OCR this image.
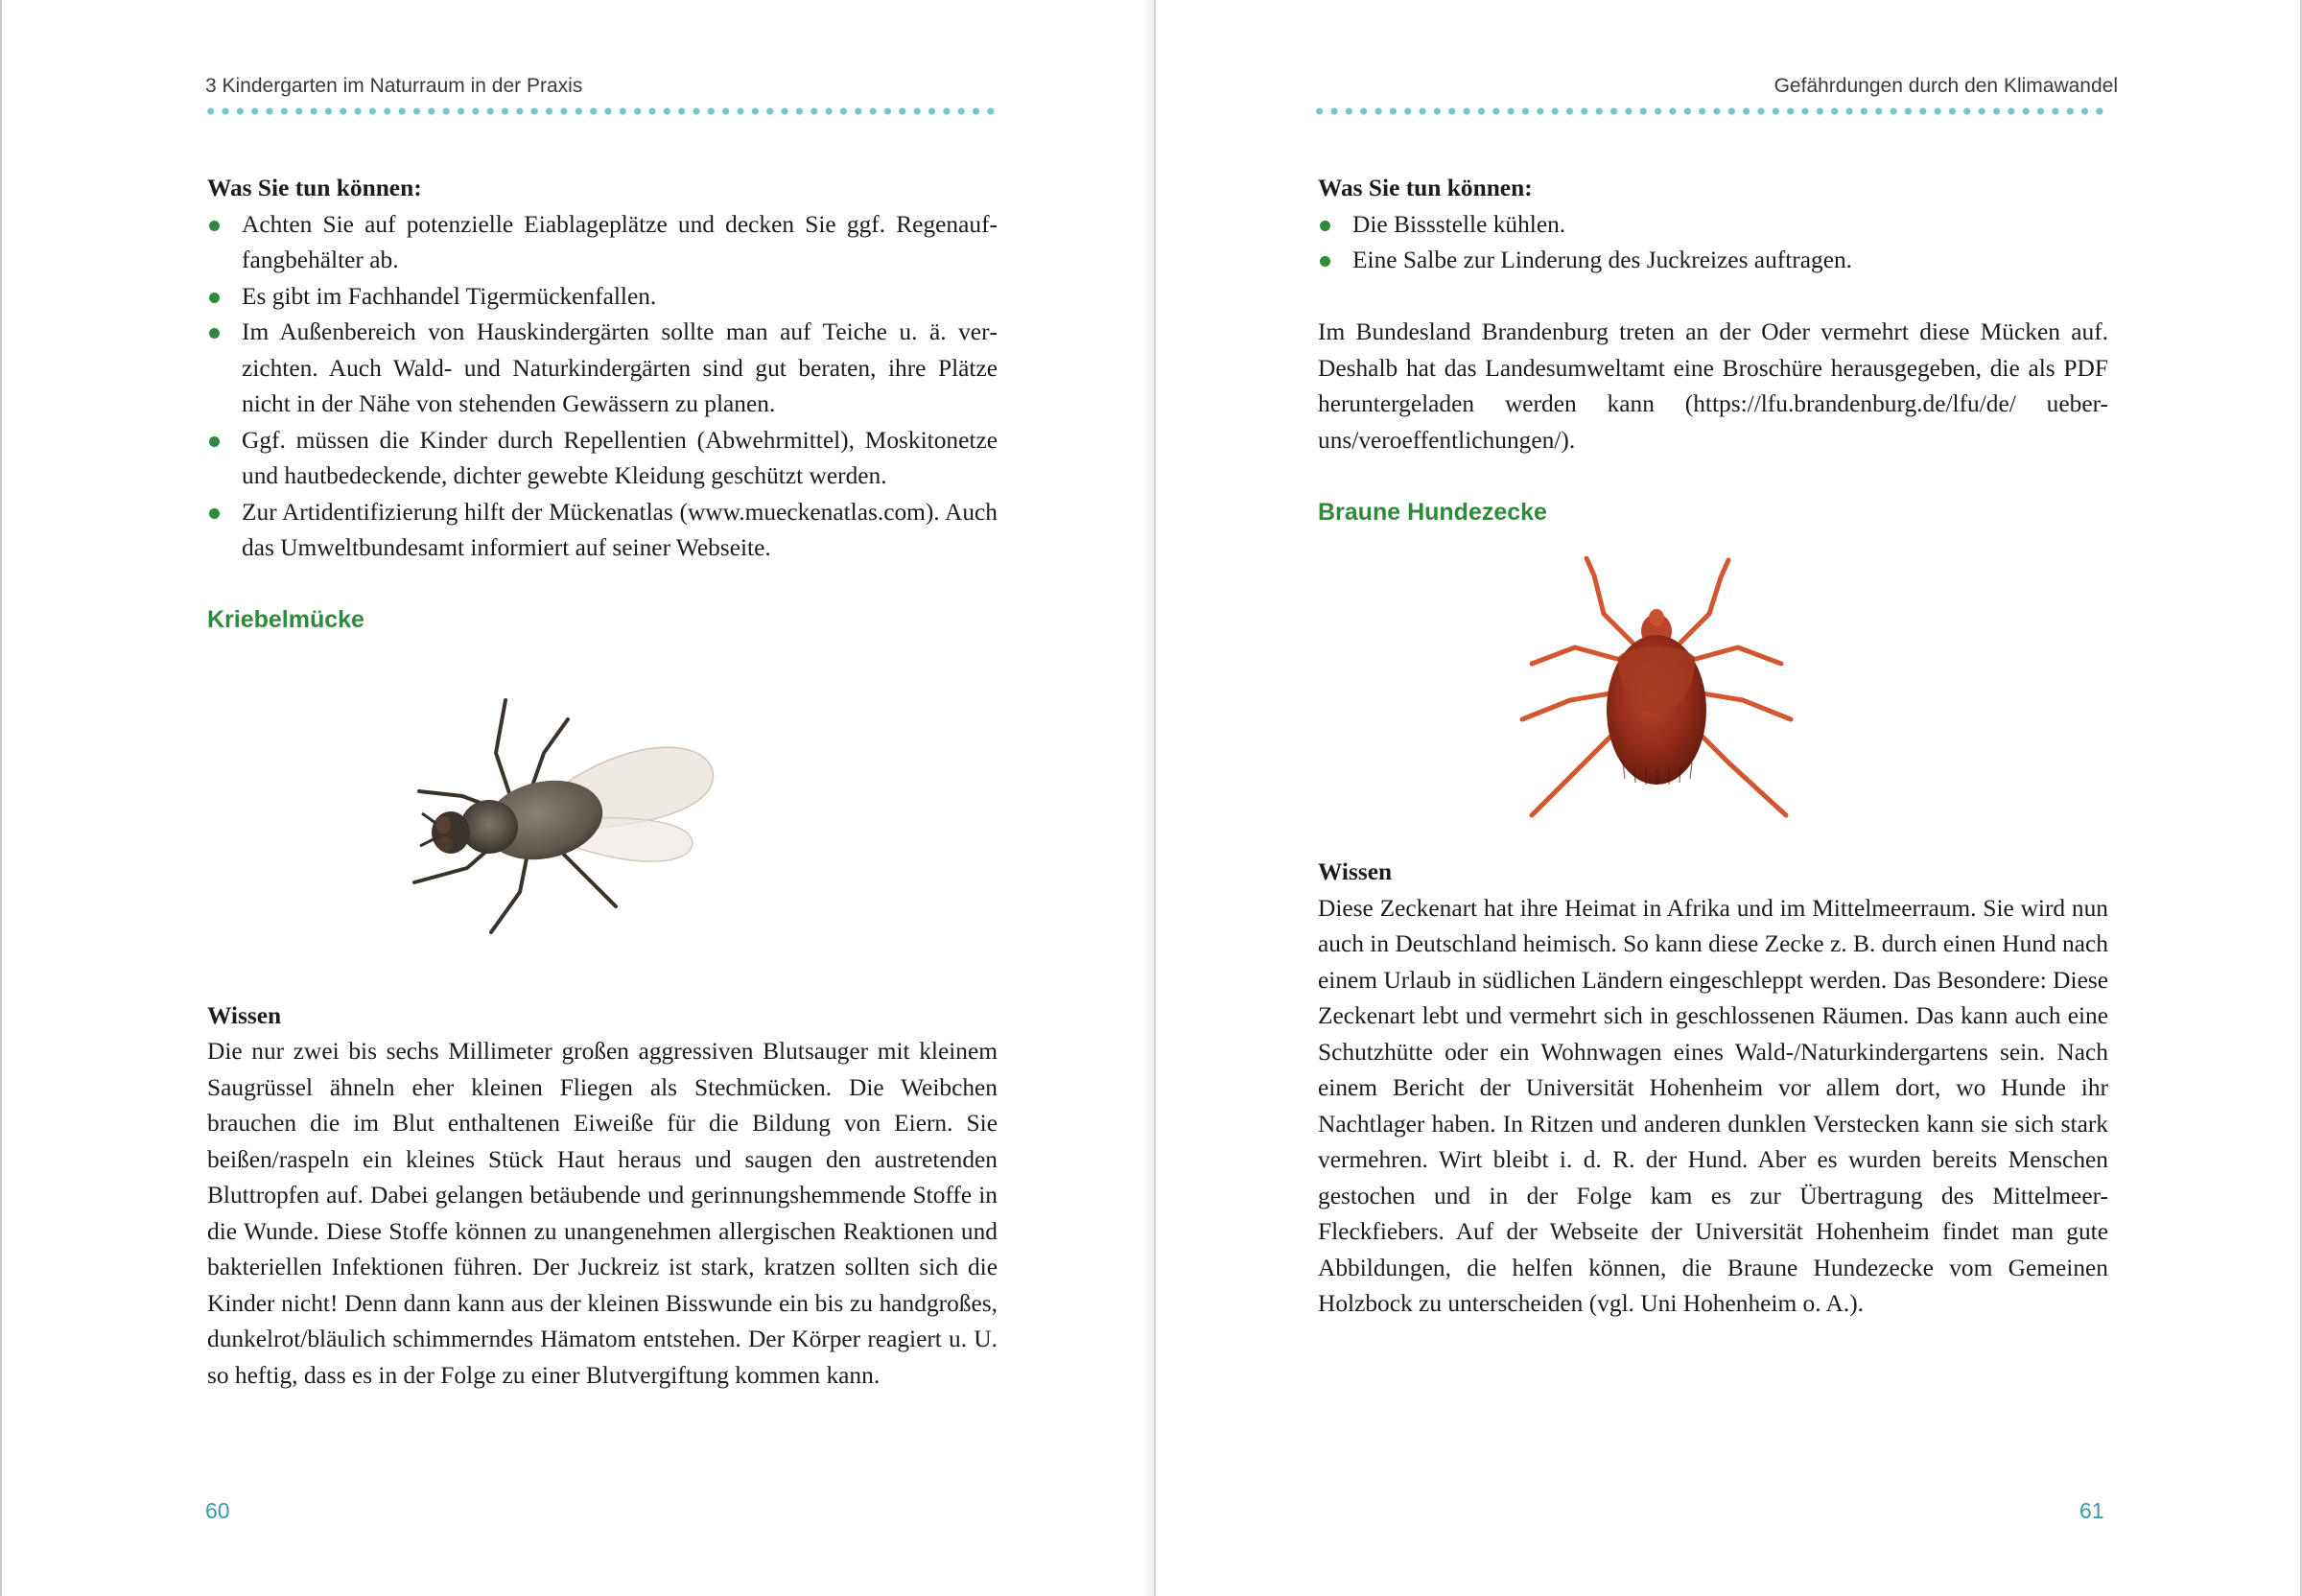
3 Kindergarten im Naturraum in der Praxis

Was Sie tun können:

Achten Sie auf potenzielle Eiablageplätze und decken Sie ggf. Regenauffangbehälter ab.
Es gibt im Fachhandel Tigermückenfallen.
Im Außenbereich von Hauskindergärten sollte man auf Teiche u. ä. verzichten. Auch Wald- und Naturkindergärten sind gut beraten, ihre Plätze nicht in der Nähe von stehenden Gewässern zu planen.
Ggf. müssen die Kinder durch Repellentien (Abwehrmittel), Moskitonetze und hautbedeckende, dichter gewebte Kleidung geschützt werden.
Zur Artidentifizierung hilft der Mückenatlas (www.mueckenatlas.com). Auch das Umweltbundesamt informiert auf seiner Webseite.

Kriebelmücke

Wissen

Die nur zwei bis sechs Millimeter großen aggressiven Blutsauger mit kleinem Saugrüssel ähneln eher kleinen Fliegen als Stechmücken. Die Weibchen brauchen die im Blut enthaltenen Eiweiße für die Bildung von Eiern. Sie beißen/raspeln ein kleines Stück Haut heraus und saugen den austretenden Bluttropfen auf. Dabei gelangen betäubende und gerinnungshemmende Stoffe in die Wunde. Diese Stoffe können zu unangenehmen allergischen Reaktionen und bakteriellen Infektionen führen. Der Juckreiz ist stark, kratzen sollten sich die Kinder nicht! Denn dann kann aus der kleinen Bisswunde ein bis zu handgroßes, dunkelrot/bläulich schimmerndes Hämatom entstehen. Der Körper reagiert u. U. so heftig, dass es in der Folge zu einer Blutvergiftung kommen kann.

60
Gefährdungen durch den Klimawandel

Was Sie tun können:

Die Bissstelle kühlen.
Eine Salbe zur Linderung des Juckreizes auftragen.

Im Bundesland Brandenburg treten an der Oder vermehrt diese Mücken auf. Deshalb hat das Landesumweltamt eine Broschüre herausgegeben, die als PDF heruntergeladen werden kann (https://lfu.brandenburg.de/lfu/de/ ueber-uns/veroeffentlichungen/).

Braune Hundezecke

Wissen

Diese Zeckenart hat ihre Heimat in Afrika und im Mittelmeerraum. Sie wird nun auch in Deutschland heimisch. So kann diese Zecke z. B. durch einen Hund nach einem Urlaub in südlichen Ländern eingeschleppt werden. Das Besondere: Diese Zeckenart lebt und vermehrt sich in geschlossenen Räumen. Das kann auch eine Schutzhütte oder ein Wohnwagen eines Wald-/Naturkindergartens sein. Nach einem Bericht der Universität Hohenheim vor allem dort, wo Hunde ihr Nachtlager haben. In Ritzen und anderen dunklen Verstecken kann sie sich stark vermehren. Wirt bleibt i. d. R. der Hund. Aber es wurden bereits Menschen gestochen und in der Folge kam es zur Übertragung des Mittelmeer-Fleckfiebers. Auf der Webseite der Universität Hohenheim findet man gute Abbildungen, die helfen können, die Braune Hundezecke vom Gemeinen Holzbock zu unterscheiden (vgl. Uni Hohenheim o. A.).

61
